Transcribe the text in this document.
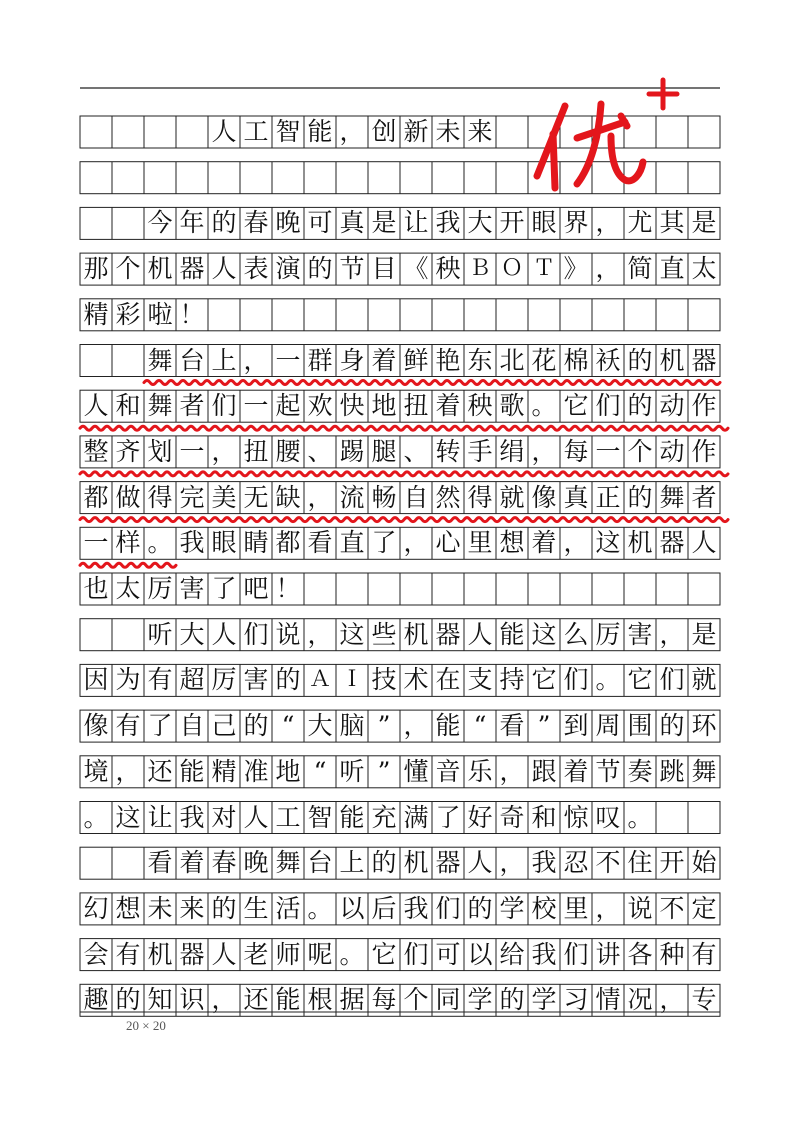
人 工 智 能 ， 创 新 未 来
今 年 的 春 晚 可 真 是 让 我 大 开 眼 界 ， 尤 其 是
那 个 机 器 人 表 演 的 节 目 《 秧 Ｂ Ｏ Ｔ 》 ， 简 直 太
精 彩 啦 ！
舞 台 上 ， 一 群 身 着 鲜 艳 东 北 花 棉 袄 的 机 器
人 和 舞 者 们 一 起 欢 快 地 扭 着 秧 歌 。 它 们 的 动 作
整 齐 划 一 ， 扭 腰 、 踢 腿 、 转 手 绢 ， 每 一 个 动 作
都 做 得 完 美 无 缺 ， 流 畅 自 然 得 就 像 真 正 的 舞 者
一 样 。 我 眼 睛 都 看 直 了 ， 心 里 想 着 ， 这 机 器 人
也 太 厉 害 了 吧 ！
听 大 人 们 说 ， 这 些 机 器 人 能 这 么 厉 害 ， 是
因 为 有 超 厉 害 的 Ａ Ｉ 技 术 在 支 持 它 们 。 它 们 就
像 有 了 自 己 的 “ 大 脑 ” ， 能 “ 看 ” 到 周 围 的 环
境 ， 还 能 精 准 地 “ 听 ” 懂 音 乐 ， 跟 着 节 奏 跳 舞
。 这 让 我 对 人 工 智 能 充 满 了 好 奇 和 惊 叹 。
看 着 春 晚 舞 台 上 的 机 器 人 ， 我 忍 不 住 开 始
幻 想 未 来 的 生 活 。 以 后 我 们 的 学 校 里 ， 说 不 定
会 有 机 器 人 老 师 呢 。 它 们 可 以 给 我 们 讲 各 种 有
趣 的 知 识 ， 还 能 根 据 每 个 同 学 的 学 习 情 况 ， 专
20 × 20
